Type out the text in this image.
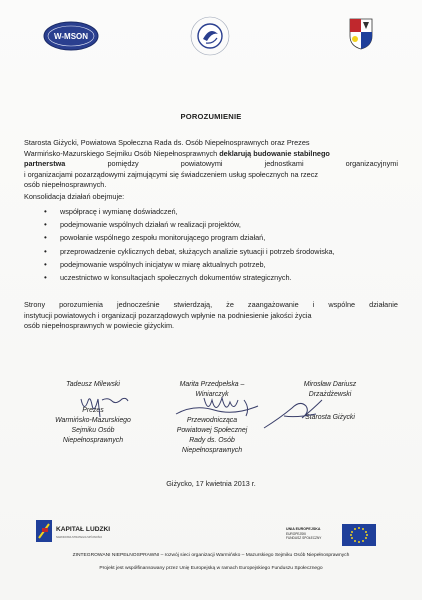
W-MSON
POROZUMIENIE
Starosta Giżycki, Powiatowa Społeczna Rada ds. Osób Niepełnosprawnych oraz Prezes
Warmińsko-Mazurskiego Sejmiku Osób Niepełnosprawnych deklarują budowanie stabilnego
partnerstwa	pomiędzy	powiatowymi	jednostkami	organizacyjnymi
i organizacjami pozarządowymi zajmującymi się świadczeniem usług społecznych na rzecz
osób niepełnosprawnych.
Konsolidacja działań obejmuje:
• współpracę i wymianę doświadczeń,
• podejmowanie wspólnych działań w realizacji projektów,
• powołanie wspólnego zespołu monitorującego program działań,
• przeprowadzenie cyklicznych debat, służących analizie sytuacji i potrzeb środowiska,
• podejmowanie wspólnych inicjatyw w miarę aktualnych potrzeb,
• uczestnictwo w konsultacjach społecznych dokumentów strategicznych.
Strony porozumienia jednocześnie stwierdzają, że zaangażowanie i wspólne działanie
instytucji powiatowych i organizacji pozarządowych wpłynie na podniesienie jakości życia
osób niepełnosprawnych w powiecie giżyckim.
Tadeusz Milewski
Prezes
Warmińsko-Mazurskiego
Sejmiku Osób
Niepełnosprawnych
Marita Przedpełska –
Winiarczyk
Przewodnicząca
Powiatowej Społecznej
Rady ds. Osób
Niepełnosprawnych
Mirosław Dariusz
Drzażdżewski
Starosta Giżycki
Giżycko, 17 kwietnia 2013 r.
KAPITAŁ LUDZKI
NARODOWA STRATEGIA SPÓJNOŚCI
UNIA EUROPEJSKA
EUROPEJSKI
FUNDUSZ SPOŁECZNY
ZINTEGROWANI NIEPEŁNOSPRAWNI – rozwój sieci organizacji Warmińsko – Mazurskiego Sejmiku Osób Niepełnosprawnych
Projekt jest współfinansowany przez Unię Europejską w ramach Europejskiego Funduszu Społecznego
